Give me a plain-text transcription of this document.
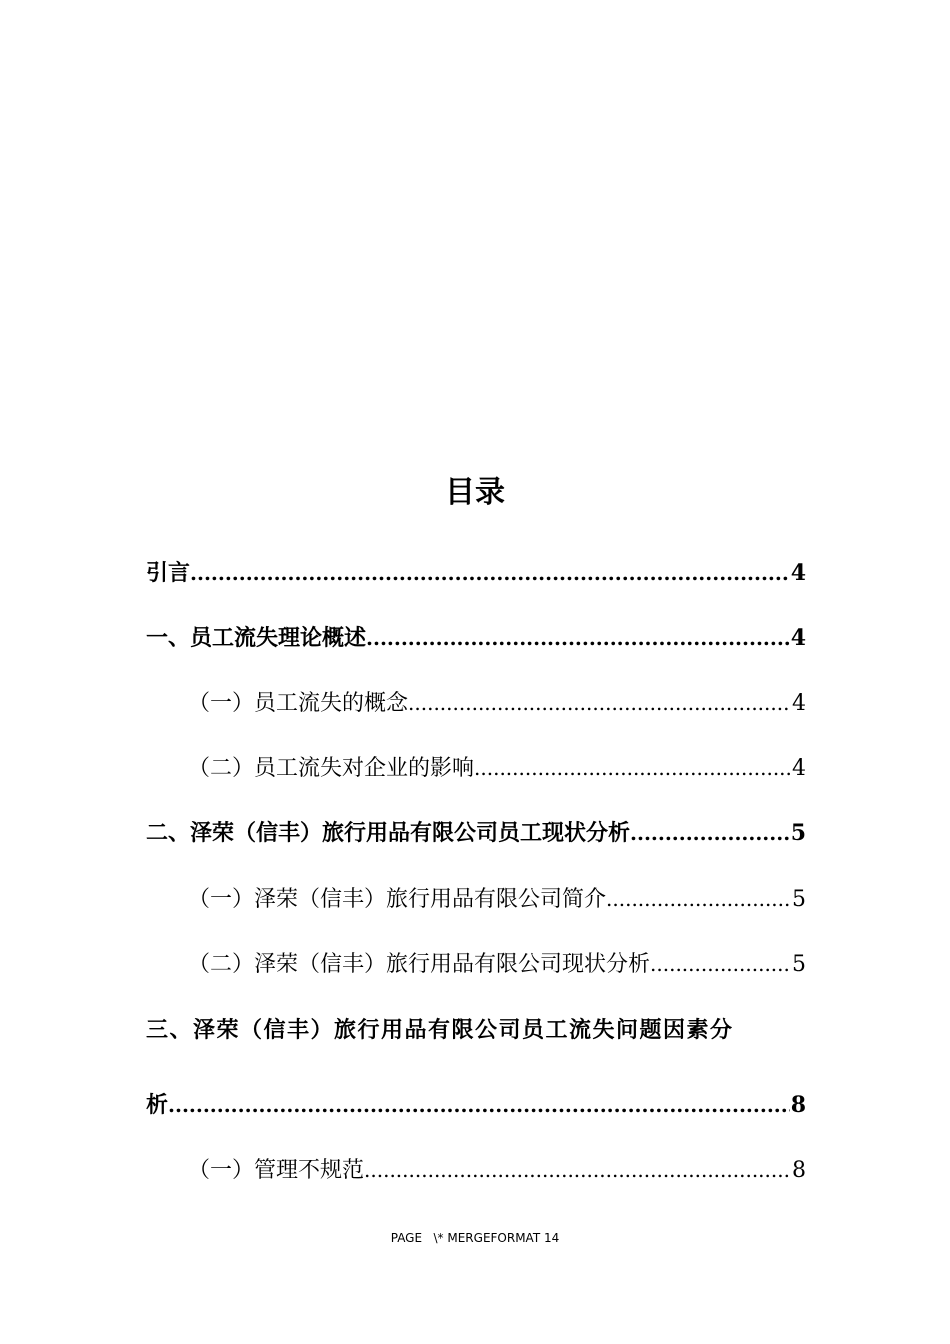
目录
引言 .....	4
一、员工流失理论概述 .....	4
（一）员工流失的概念 .....	4
（二）员工流失对企业的影响 .....	4
二、泽荣（信丰）旅行用品有限公司员工现状分析 .....	5
（一）泽荣（信丰）旅行用品有限公司简介 .....	5
（二）泽荣（信丰）旅行用品有限公司现状分析 .....	5
三、泽荣（信丰）旅行用品有限公司员工流失问题因素分
析 .....	8
（一）管理不规范 .....	8
PAGE   \* MERGEFORMAT 14
